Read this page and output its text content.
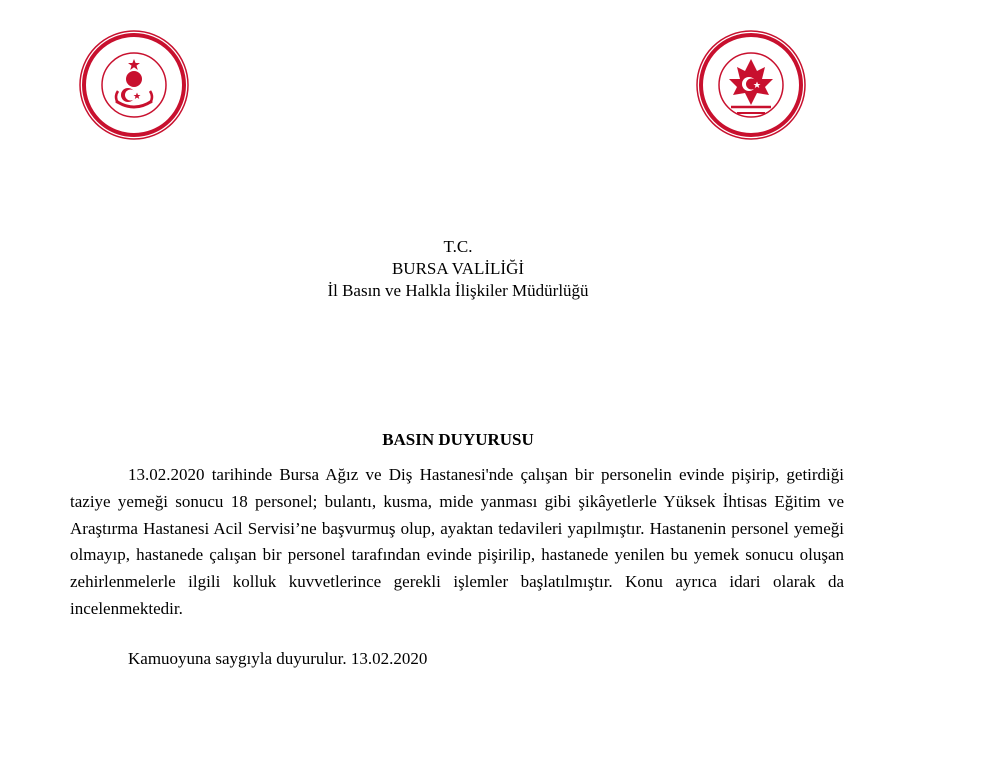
TÜRKİYE CUMHURİYETİ İÇİŞLERİ BAKANLIĞI
TÜRKİYE CUMHURİYETİ BURSA VALİLİĞİ
T.C.
BURSA VALİLİĞİ
İl Basın ve Halkla İlişkiler Müdürlüğü
BASIN DUYURUSU

13.02.2020 tarihinde Bursa Ağız ve Diş Hastanesi'nde çalışan bir personelin evinde pişirip, getirdiği taziye yemeği sonucu 18 personel; bulantı, kusma, mide yanması gibi şikâyetlerle Yüksek İhtisas Eğitim ve Araştırma Hastanesi Acil Servisi’ne başvurmuş olup, ayaktan tedavileri yapılmıştır. Hastanenin personel yemeği olmayıp, hastanede çalışan bir personel tarafından evinde pişirilip, hastanede yenilen bu yemek sonucu oluşan zehirlenmelerle ilgili kolluk kuvvetlerince gerekli işlemler başlatılmıştır. Konu ayrıca idari olarak da incelenmektedir.

Kamuoyuna saygıyla duyurulur. 13.02.2020
